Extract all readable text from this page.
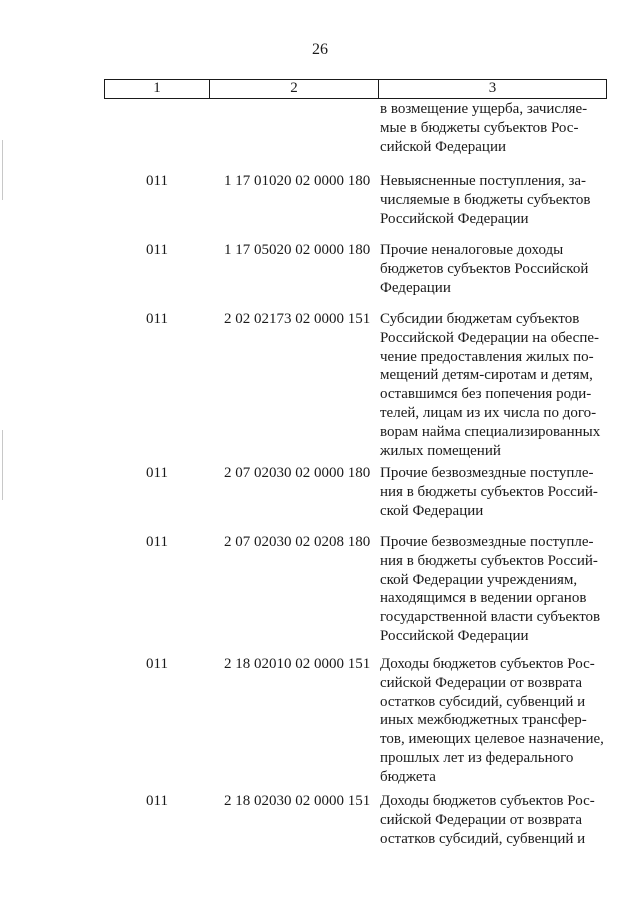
26
1	2	3
в возмещение ущерба, зачисляе-
мые в бюджеты субъектов Рос-
сийской Федерации
011	1 17 01020 02 0000 180 Невыясненные поступления, за-
числяемые в бюджеты субъектов
Российской Федерации
011	1 17 05020 02 0000 180 Прочие неналоговые доходы
бюджетов субъектов Российской
Федерации
011	2 02 02173 02 0000 151 Субсидии бюджетам субъектов
Российской Федерации на обеспе-
чение предоставления жилых по-
мещений детям-сиротам и детям,
оставшимся без попечения роди-
телей, лицам из их числа по дого-
ворам найма специализированных
жилых помещений
011	2 07 02030 02 0000 180 Прочие безвозмездные поступле-
ния в бюджеты субъектов Россий-
ской Федерации
011	2 07 02030 02 0208 180 Прочие безвозмездные поступле-
ния в бюджеты субъектов Россий-
ской Федерации учреждениям,
находящимся в ведении органов
государственной власти субъектов
Российской Федерации
011	2 18 02010 02 0000 151 Доходы бюджетов субъектов Рос-
сийской Федерации от возврата
остатков субсидий, субвенций и
иных межбюджетных трансфер-
тов, имеющих целевое назначение,
прошлых лет из федерального
бюджета
011	2 18 02030 02 0000 151 Доходы бюджетов субъектов Рос-
сийской Федерации от возврата
остатков субсидий, субвенций и
